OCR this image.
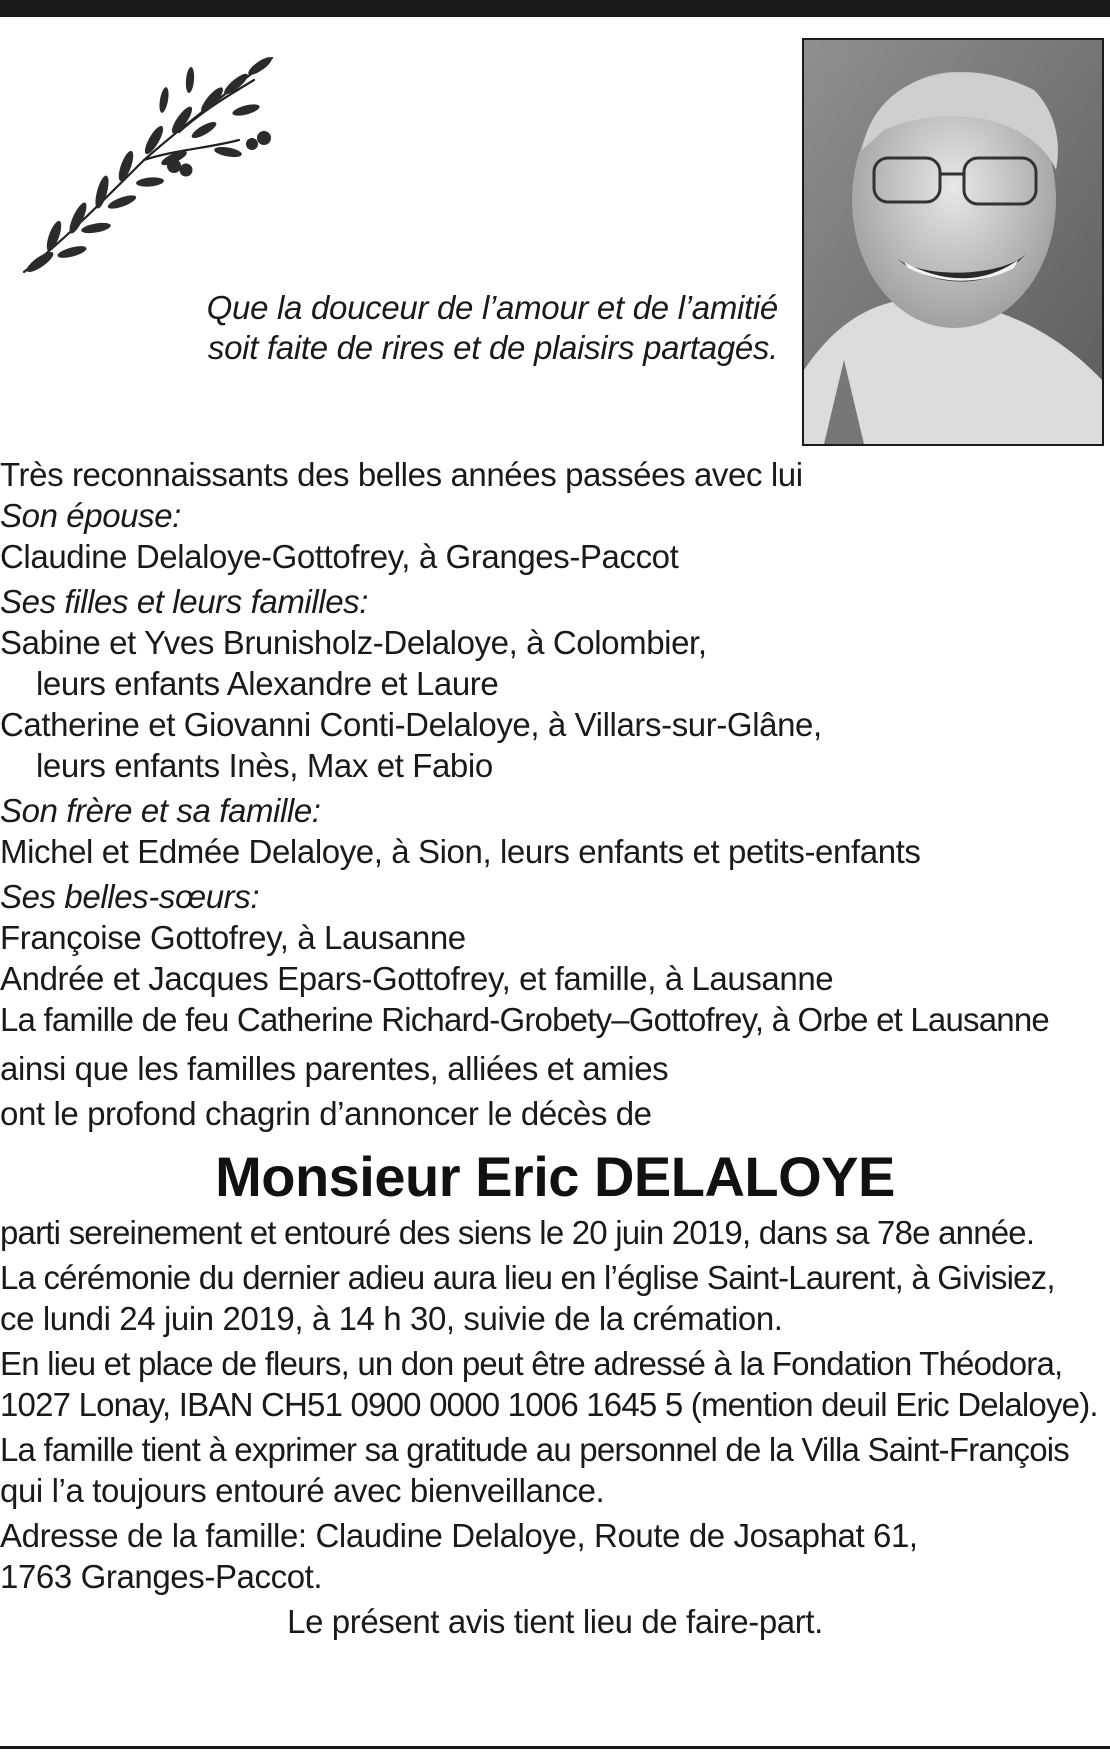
Que la douceur de l’amour et de l’amitié
soit faite de rires et de plaisirs partagés.
Très reconnaissants des belles années passées avec lui
Son épouse:
Claudine Delaloye-Gottofrey, à Granges-Paccot
Ses filles et leurs familles:
Sabine et Yves Brunisholz-Delaloye, à Colombier,
leurs enfants Alexandre et Laure
Catherine et Giovanni Conti-Delaloye, à Villars-sur-Glâne,
leurs enfants Inès, Max et Fabio
Son frère et sa famille:
Michel et Edmée Delaloye, à Sion, leurs enfants et petits-enfants
Ses belles-sœurs:
Françoise Gottofrey, à Lausanne
Andrée et Jacques Epars-Gottofrey, et famille, à Lausanne
La famille de feu Catherine Richard-Grobety–Gottofrey, à Orbe et Lausanne
ainsi que les familles parentes, alliées et amies
ont le profond chagrin d’annoncer le décès de
Monsieur Eric DELALOYE
parti sereinement et entouré des siens le 20 juin 2019, dans sa 78e année.
La cérémonie du dernier adieu aura lieu en l’église Saint-Laurent, à Givisiez,
ce lundi 24 juin 2019, à 14 h 30, suivie de la crémation.
En lieu et place de fleurs, un don peut être adressé à la Fondation Théodora,
1027 Lonay, IBAN CH51 0900 0000 1006 1645 5 (mention deuil Eric Delaloye).
La famille tient à exprimer sa gratitude au personnel de la Villa Saint-François
qui l’a toujours entouré avec bienveillance.
Adresse de la famille: Claudine Delaloye, Route de Josaphat 61,
1763 Granges-Paccot.
Le présent avis tient lieu de faire-part.
